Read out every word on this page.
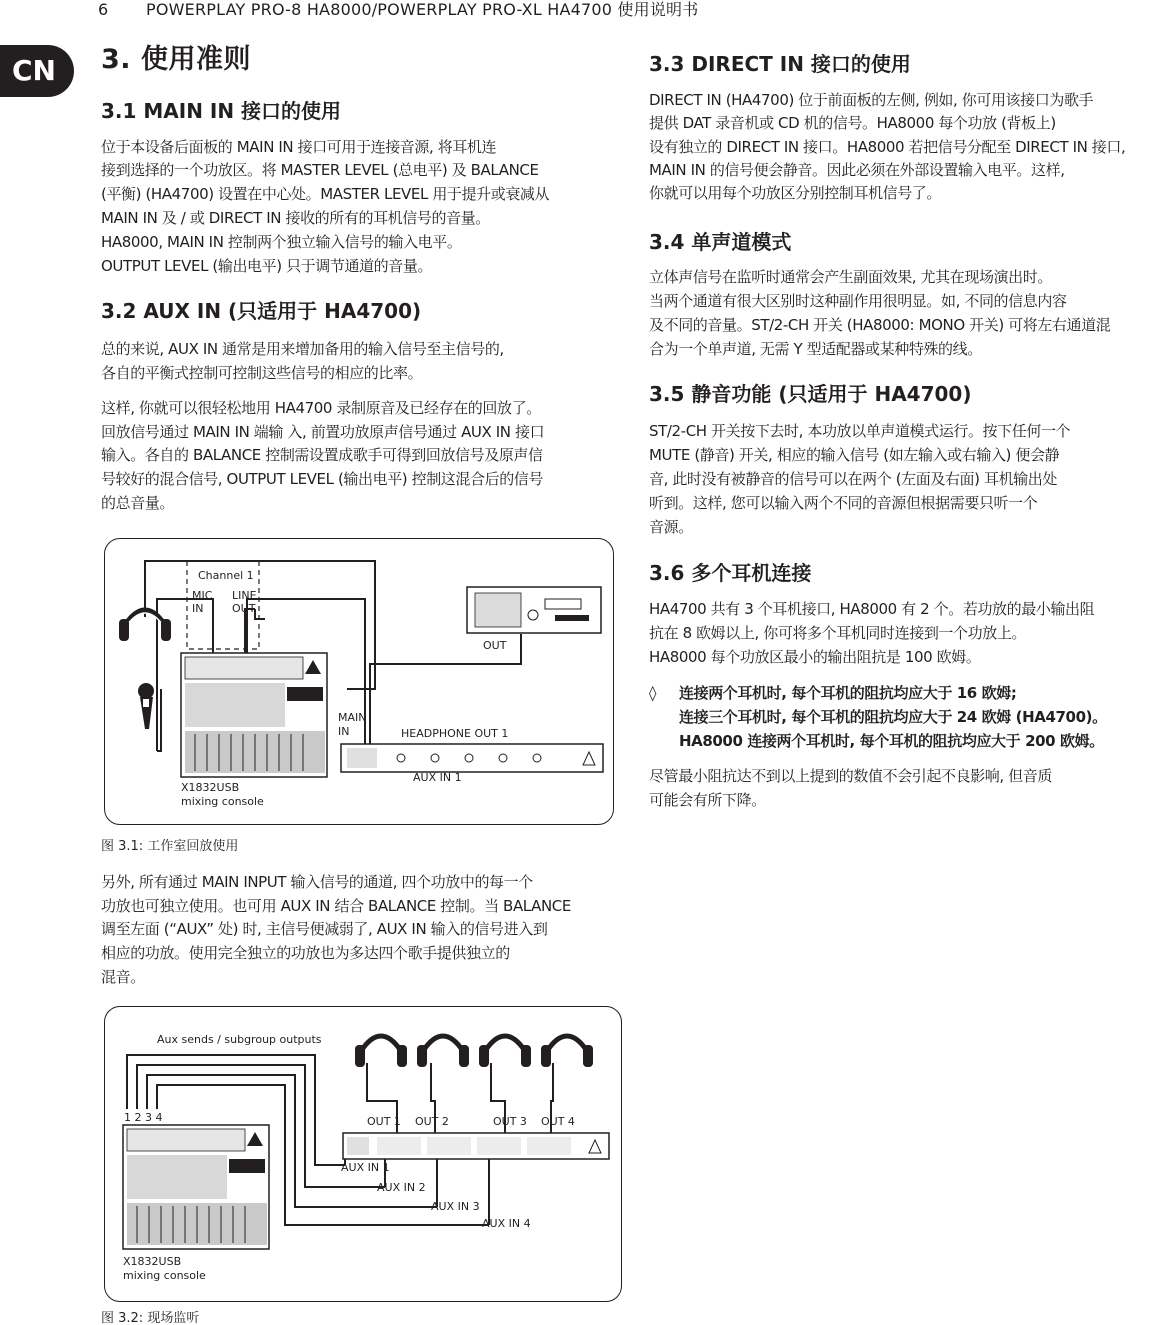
6 POWERPLAY PRO-8 HA8000/POWERPLAY PRO-XL HA4700 使用说明书
CN	3. 使用准则
3.1 MAIN IN 接口的使用
位于本设备后面板的 MAIN IN 接口可用于连接音源, 将耳机连
接到选择的一个功放区。将 MASTER LEVEL (总电平) 及 BALANCE
(平衡) (HA4700) 设置在中心处。MASTER LEVEL 用于提升或衰减从
MAIN IN 及 / 或 DIRECT IN 接收的所有的耳机信号的音量。
HA8000, MAIN IN 控制两个独立输入信号的输入电平。
OUTPUT LEVEL (输出电平) 只于调节通道的音量。
3.2 AUX IN (只适用于 HA4700)
总的来说, AUX IN 通常是用来增加备用的输入信号至主信号的,
各自的平衡式控制可控制这些信号的相应的比率。
这样, 你就可以很轻松地用 HA4700 录制原音及已经存在的回放了。
回放信号通过 MAIN IN 端输 入, 前置功放原声信号通过 AUX IN 接口
输入。各自的 BALANCE 控制需设置成歌手可得到回放信号及原声信
号较好的混合信号, OUTPUT LEVEL (输出电平) 控制这混合后的信号
的总音量。
Channel 1
MIC
IN
LINE
OUT
X1832USB
mixing console
OUT
MAIN
IN	HEADPHONE OUT 1
AUX IN 1
图 3.1: 工作室回放使用
另外, 所有通过 MAIN INPUT 输入信号的通道, 四个功放中的每一个
功放也可独立使用。也可用 AUX IN 结合 BALANCE 控制。当 BALANCE
调至左面 (“AUX” 处) 时, 主信号便减弱了, AUX IN 输入的信号进入到
相应的功放。使用完全独立的功放也为多达四个歌手提供独立的
混音。
Aux sends / subgroup outputs
1 2 3 4
X1832USB
mixing console
OUT 1 OUT 2	OUT 3 OUT 4
AUX IN 1
AUX IN 2
AUX IN 3
AUX IN 4
图 3.2: 现场监听
3.3 DIRECT IN 接口的使用
DIRECT IN (HA4700) 位于前面板的左侧, 例如, 你可用该接口为歌手
提供 DAT 录音机或 CD 机的信号。HA8000 每个功放 (背板上)
设有独立的 DIRECT IN 接口。HA8000 若把信号分配至 DIRECT IN 接口,
MAIN IN 的信号便会静音。因此必须在外部设置输入电平。这样,
你就可以用每个功放区分别控制耳机信号了。
3.4 单声道模式
立体声信号在监听时通常会产生副面效果, 尤其在现场演出时。
当两个通道有很大区别时这种副作用很明显。如, 不同的信息内容
及不同的音量。ST/2-CH 开关 (HA8000: MONO 开关) 可将左右通道混
合为一个单声道, 无需 Y 型适配器或某种特殊的线。
3.5 静音功能 (只适用于 HA4700)
ST/2-CH 开关按下去时, 本功放以单声道模式运行。按下任何一个
MUTE (静音) 开关, 相应的输入信号 (如左输入或右输入) 便会静
音, 此时没有被静音的信号可以在两个 (左面及右面) 耳机输出处
听到。这样, 您可以输入两个不同的音源但根据需要只听一个
音源。
3.6 多个耳机连接
HA4700 共有 3 个耳机接口, HA8000 有 2 个。若功放的最小输出阻
抗在 8 欧姆以上, 你可将多个耳机同时连接到一个功放上。
HA8000 每个功放区最小的输出阻抗是 100 欧姆。
◊ 连接两个耳机时, 每个耳机的阻抗均应大于 16 欧姆;
连接三个耳机时, 每个耳机的阻抗均应大于 24 欧姆 (HA4700)。
HA8000 连接两个耳机时, 每个耳机的阻抗均应大于 200 欧姆。
尽管最小阻抗达不到以上提到的数值不会引起不良影响, 但音质
可能会有所下降。
